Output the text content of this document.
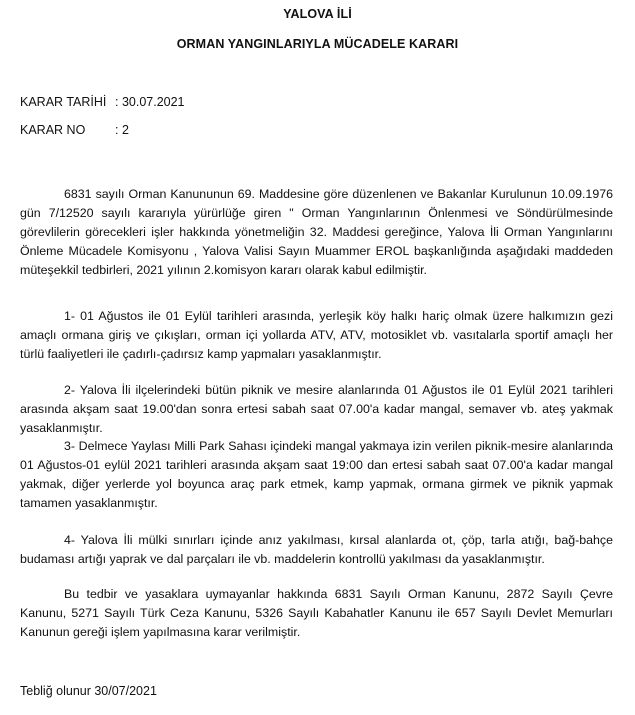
YALOVA İLİ
ORMAN YANGINLARIYLA MÜCADELE KARARI
KARAR TARİHİ : 30.07.2021
KARAR NO : 2

6831 sayılı Orman Kanununun 69. Maddesine göre düzenlenen ve Bakanlar Kurulunun 10.09.1976 gün 7/12520 sayılı kararıyla yürürlüğe giren " Orman Yangınlarının Önlenmesi ve Söndürülmesinde görevlilerin görecekleri işler hakkında yönetmeliğin 32. Maddesi gereğince, Yalova İli Orman Yangınlarını Önleme Mücadele Komisyonu , Yalova Valisi Sayın Muammer EROL başkanlığında aşağıdaki maddeden müteşekkil tedbirleri, 2021 yılının 2.komisyon kararı olarak kabul edilmiştir.

1- 01 Ağustos ile 01 Eylül tarihleri arasında, yerleşik köy halkı hariç olmak üzere halkımızın gezi amaçlı ormana giriş ve çıkışları, orman içi yollarda ATV, ATV, motosiklet vb. vasıtalarla sportif amaçlı her türlü faaliyetleri ile çadırlı-çadırsız kamp yapmaları yasaklanmıştır.

2- Yalova İli ilçelerindeki bütün piknik ve mesire alanlarında 01 Ağustos ile 01 Eylül 2021 tarihleri arasında akşam saat 19.00'dan sonra ertesi sabah saat 07.00'a kadar mangal, semaver vb. ateş yakmak yasaklanmıştır.

3- Delmece Yaylası Milli Park Sahası içindeki mangal yakmaya izin verilen piknik-mesire alanlarında 01 Ağustos-01 eylül 2021 tarihleri arasında akşam saat 19:00 dan ertesi sabah saat 07.00'a kadar mangal yakmak, diğer yerlerde yol boyunca araç park etmek, kamp yapmak, ormana girmek ve piknik yapmak tamamen yasaklanmıştır.

4- Yalova İli mülki sınırları içinde anız yakılması, kırsal alanlarda ot, çöp, tarla atığı, bağ-bahçe budaması artığı yaprak ve dal parçaları ile vb. maddelerin kontrollü yakılması da yasaklanmıştır.

Bu tedbir ve yasaklara uymayanlar hakkında 6831 Sayılı Orman Kanunu, 2872 Sayılı Çevre Kanunu, 5271 Sayılı Türk Ceza Kanunu, 5326 Sayılı Kabahatler Kanunu ile 657 Sayılı Devlet Memurları Kanunun gereği işlem yapılmasına karar verilmiştir.

Tebliğ olunur 30/07/2021
